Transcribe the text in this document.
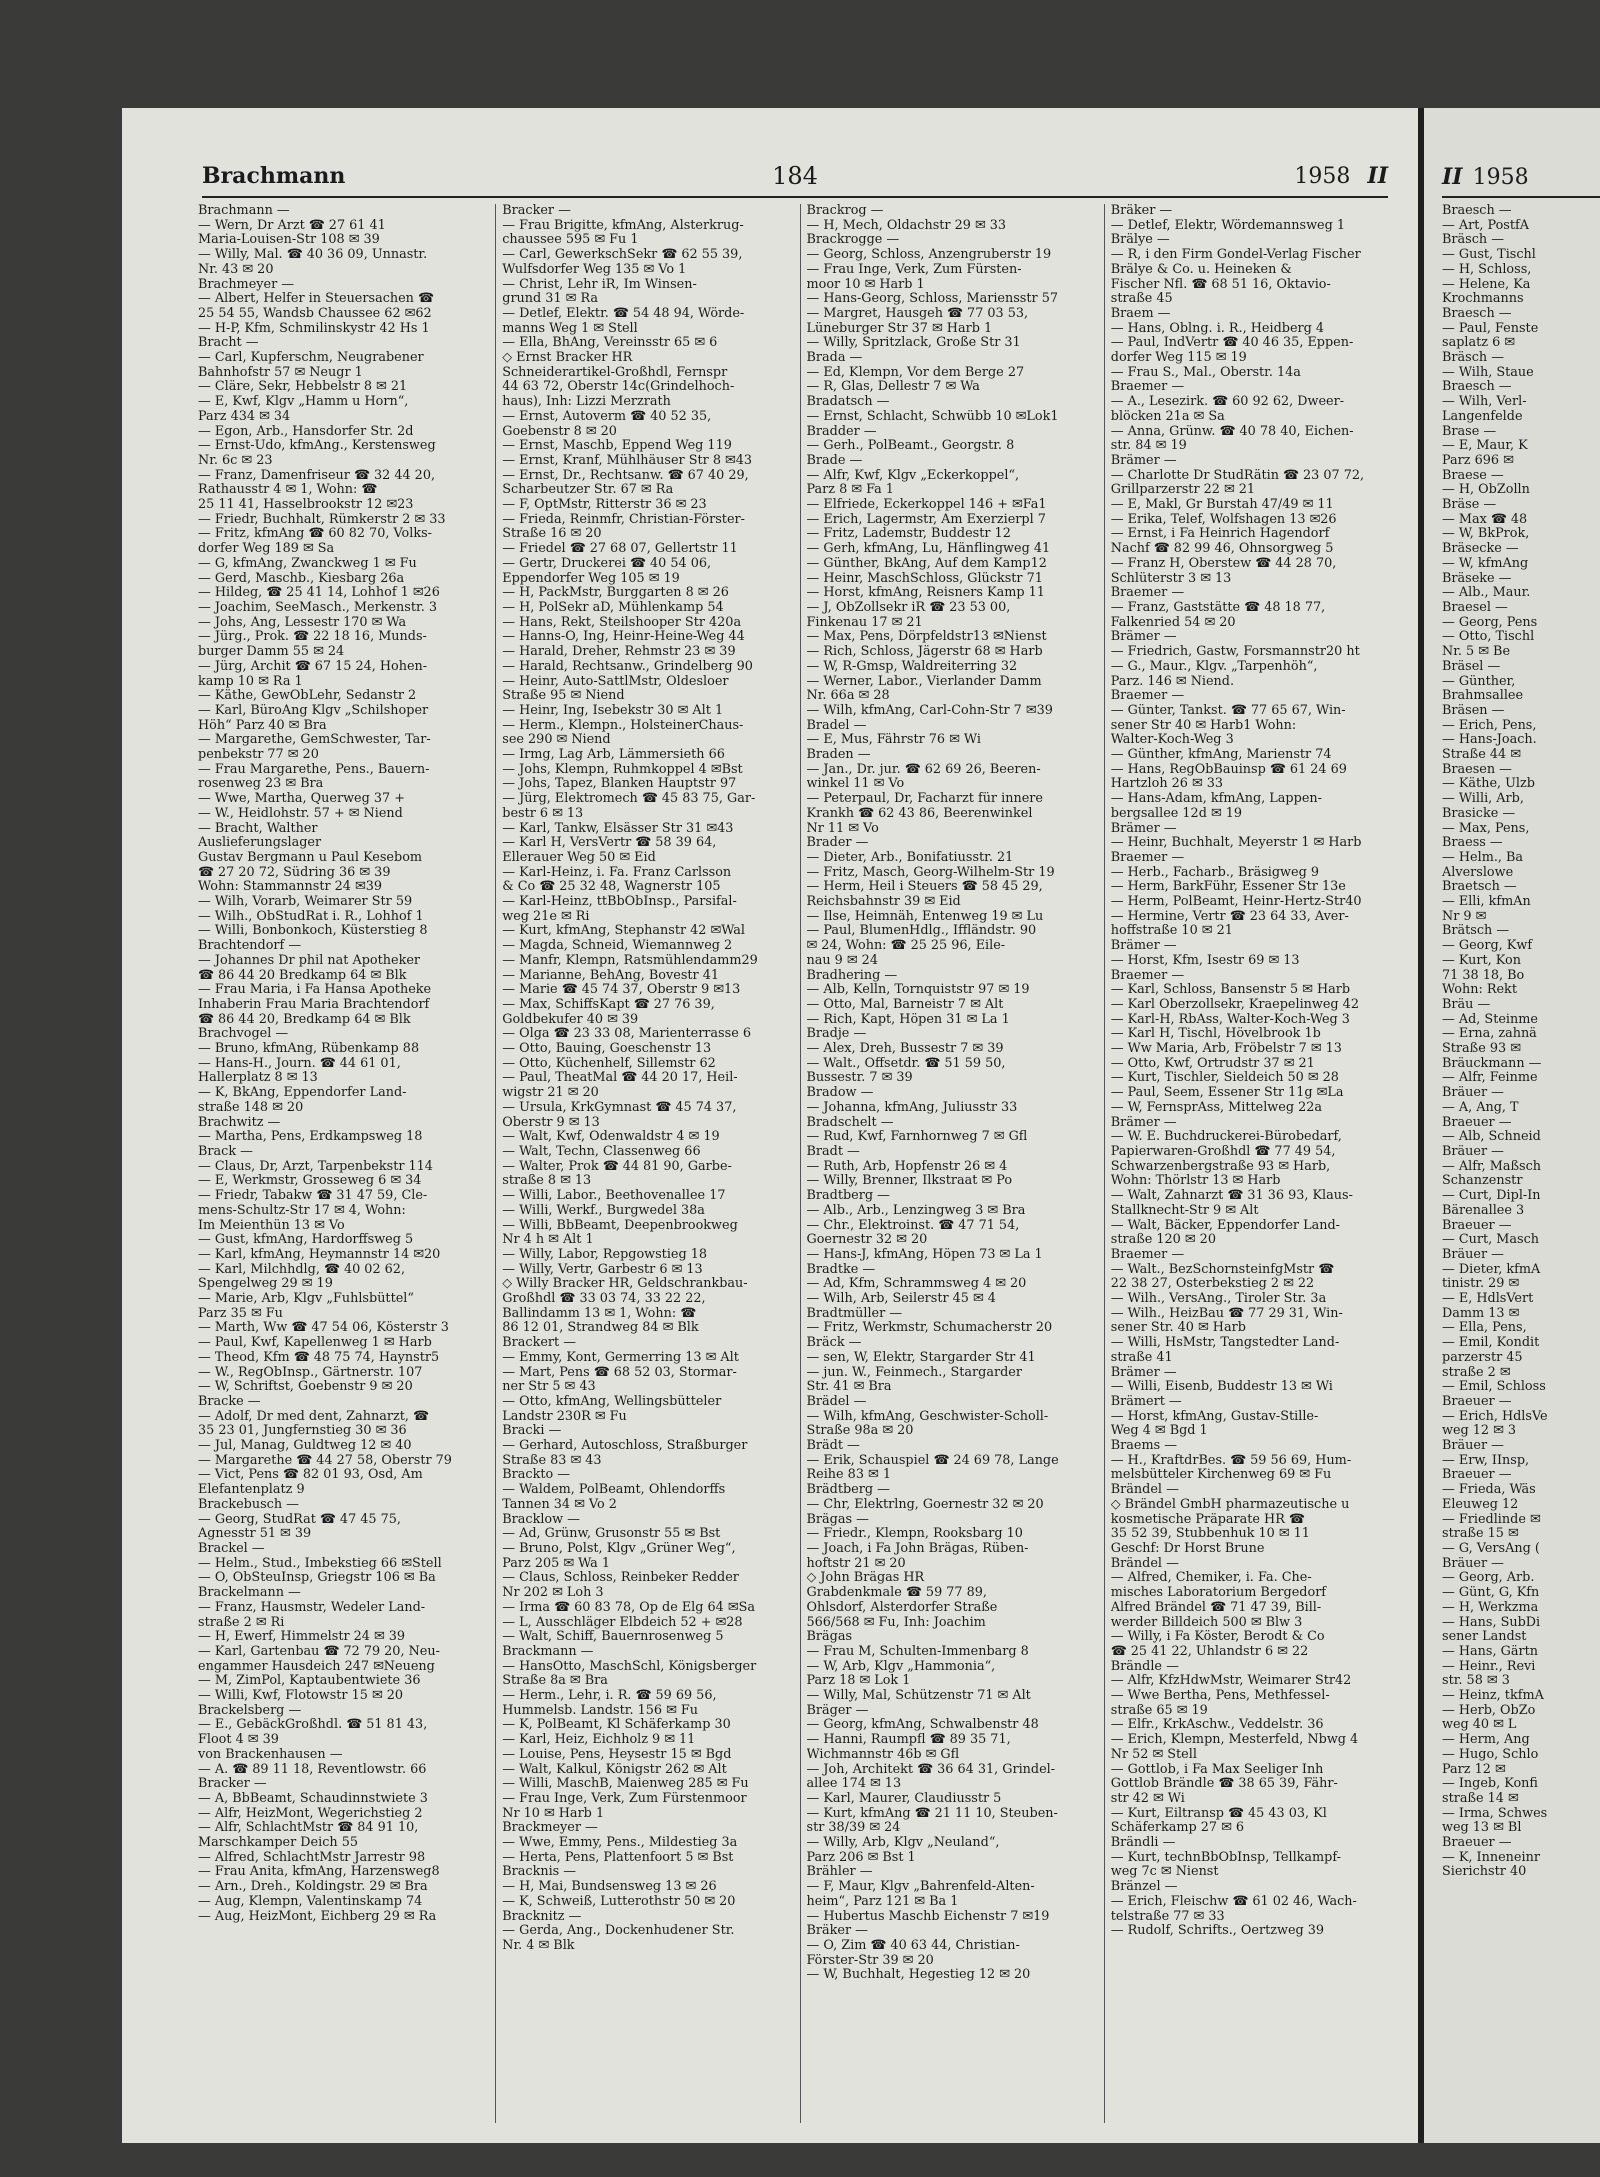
Brachmann	184	1958 II
Brachmann —
— Wern, Dr Arzt ☎ 27 61 41
Maria-Louisen-Str 108 ✉ 39
— Willy, Mal. ☎ 40 36 09, Unnastr.
Nr. 43 ✉ 20
Brachmeyer —
— Albert, Helfer in Steuersachen ☎
25 54 55, Wandsb Chaussee 62 ✉62
— H-P, Kfm, Schmilinskystr 42 Hs 1
Bracht —
— Carl, Kupferschm, Neugrabener
Bahnhofstr 57 ✉ Neugr 1
— Cläre, Sekr, Hebbelstr 8 ✉ 21
— E, Kwf, Klgv „Hamm u Horn“,
Parz 434 ✉ 34
— Egon, Arb., Hansdorfer Str. 2d
— Ernst-Udo, kfmAng., Kerstensweg
Nr. 6c ✉ 23
— Franz, Damenfriseur ☎ 32 44 20,
Rathausstr 4 ✉ 1, Wohn: ☎
25 11 41, Hasselbrookstr 12 ✉23
— Friedr, Buchhalt, Rümkerstr 2 ✉ 33
— Fritz, kfmAng ☎ 60 82 70, Volks-
dorfer Weg 189 ✉ Sa
— G, kfmAng, Zwanckweg 1 ✉ Fu
— Gerd, Maschb., Kiesbarg 26a
— Hildeg, ☎ 25 41 14, Lohhof 1 ✉26
— Joachim, SeeMasch., Merkenstr. 3
— Johs, Ang, Lessestr 170 ✉ Wa
— Jürg., Prok. ☎ 22 18 16, Munds-
burger Damm 55 ✉ 24
— Jürg, Archit ☎ 67 15 24, Hohen-
kamp 10 ✉ Ra 1
— Käthe, GewObLehr, Sedanstr 2
— Karl, BüroAng Klgv „Schilshoper
Höh“ Parz 40 ✉ Bra
— Margarethe, GemSchwester, Tar-
penbekstr 77 ✉ 20
— Frau Margarethe, Pens., Bauern-
rosenweg 23 ✉ Bra
— Wwe, Martha, Querweg 37 +
— W., Heidlohstr. 57 + ✉ Niend
— Bracht, Walther
Auslieferungslager
Gustav Bergmann u Paul Kesebom
☎ 27 20 72, Südring 36 ✉ 39
Wohn: Stammannstr 24 ✉39
— Wilh, Vorarb, Weimarer Str 59
— Wilh., ObStudRat i. R., Lohhof 1
— Willi, Bonbonkoch, Küsterstieg 8
Brachtendorf —
— Johannes Dr phil nat Apotheker
☎ 86 44 20 Bredkamp 64 ✉ Blk
— Frau Maria, i Fa Hansa Apotheke
Inhaberin Frau Maria Brachtendorf
☎ 86 44 20, Bredkamp 64 ✉ Blk
Brachvogel —
— Bruno, kfmAng, Rübenkamp 88
— Hans-H., Journ. ☎ 44 61 01,
Hallerplatz 8 ✉ 13
— K, BkAng, Eppendorfer Land-
straße 148 ✉ 20
Brachwitz —
— Martha, Pens, Erdkampsweg 18
Brack —
— Claus, Dr, Arzt, Tarpenbekstr 114
— E, Werkmstr, Grosseweg 6 ✉ 34
— Friedr, Tabakw ☎ 31 47 59, Cle-
mens-Schultz-Str 17 ✉ 4, Wohn:
Im Meienthün 13 ✉ Vo
— Gust, kfmAng, Hardorffsweg 5
— Karl, kfmAng, Heymannstr 14 ✉20
— Karl, Milchhdlg, ☎ 40 02 62,
Spengelweg 29 ✉ 19
— Marie, Arb, Klgv „Fuhlsbüttel“
Parz 35 ✉ Fu
— Marth, Ww ☎ 47 54 06, Kösterstr 3
— Paul, Kwf, Kapellenweg 1 ✉ Harb
— Theod, Kfm ☎ 48 75 74, Haynstr5
— W., RegObInsp., Gärtnerstr. 107
— W, Schriftst, Goebenstr 9 ✉ 20
Bracke —
— Adolf, Dr med dent, Zahnarzt, ☎
35 23 01, Jungfernstieg 30 ✉ 36
— Jul, Manag, Guldtweg 12 ✉ 40
— Margarethe ☎ 44 27 58, Oberstr 79
— Vict, Pens ☎ 82 01 93, Osd, Am
Elefantenplatz 9
Brackebusch —
— Georg, StudRat ☎ 47 45 75,
Agnesstr 51 ✉ 39
Brackel —
— Helm., Stud., Imbekstieg 66 ✉Stell
— O, ObSteuInsp, Griegstr 106 ✉ Ba
Brackelmann —
— Franz, Hausmstr, Wedeler Land-
straße 2 ✉ Ri
— H, Ewerf, Himmelstr 24 ✉ 39
— Karl, Gartenbau ☎ 72 79 20, Neu-
engammer Hausdeich 247 ✉Neueng
— M, ZimPol, Kaptaubentwiete 36
— Willi, Kwf, Flotowstr 15 ✉ 20
Brackelsberg —
— E., GebäckGroßhdl. ☎ 51 81 43,
Floot 4 ✉ 39
von Brackenhausen —
— A. ☎ 89 11 18, Reventlowstr. 66
Bracker —
— A, BbBeamt, Schaudinnstwiete 3
— Alfr, HeizMont, Wegerichstieg 2
— Alfr, SchlachtMstr ☎ 84 91 10,
Marschkamper Deich 55
— Alfred, SchlachtMstr Jarrestr 98
— Frau Anita, kfmAng, Harzensweg8
— Arn., Dreh., Koldingstr. 29 ✉ Bra
— Aug, Klempn, Valentinskamp 74
— Aug, HeizMont, Eichberg 29 ✉ Ra
Bracker —
— Frau Brigitte, kfmAng, Alsterkrug-
chaussee 595 ✉ Fu 1
— Carl, GewerkschSekr ☎ 62 55 39,
Wulfsdorfer Weg 135 ✉ Vo 1
— Christ, Lehr iR, Im Winsen-
grund 31 ✉ Ra
— Detlef, Elektr. ☎ 54 48 94, Wörde-
manns Weg 1 ✉ Stell
— Ella, BhAng, Vereinsstr 65 ✉ 6
◇ Ernst Bracker HR
Schneiderartikel-Großhdl, Fernspr
44 63 72, Oberstr 14c(Grindelhoch-
haus), Inh: Lizzi Merzrath
— Ernst, Autoverm ☎ 40 52 35,
Goebenstr 8 ✉ 20
— Ernst, Maschb, Eppend Weg 119
— Ernst, Kranf, Mühlhäuser Str 8 ✉43
— Ernst, Dr., Rechtsanw. ☎ 67 40 29,
Scharbeutzer Str. 67 ✉ Ra
— F, OptMstr, Ritterstr 36 ✉ 23
— Frieda, Reinmfr, Christian-Förster-
Straße 16 ✉ 20
— Friedel ☎ 27 68 07, Gellertstr 11
— Gertr, Druckerei ☎ 40 54 06,
Eppendorfer Weg 105 ✉ 19
— H, PackMstr, Burggarten 8 ✉ 26
— H, PolSekr aD, Mühlenkamp 54
— Hans, Rekt, Steilshooper Str 420a
— Hanns-O, Ing, Heinr-Heine-Weg 44
— Harald, Dreher, Rehmstr 23 ✉ 39
— Harald, Rechtsanw., Grindelberg 90
— Heinr, Auto-SattlMstr, Oldesloer
Straße 95 ✉ Niend
— Heinr, Ing, Isebekstr 30 ✉ Alt 1
— Herm., Klempn., HolsteinerChaus-
see 290 ✉ Niend
— Irmg, Lag Arb, Lämmersieth 66
— Johs, Klempn, Ruhmkoppel 4 ✉Bst
— Johs, Tapez, Blanken Hauptstr 97
— Jürg, Elektromech ☎ 45 83 75, Gar-
bestr 6 ✉ 13
— Karl, Tankw, Elsässer Str 31 ✉43
— Karl H, VersVertr ☎ 58 39 64,
Ellerauer Weg 50 ✉ Eid
— Karl-Heinz, i. Fa. Franz Carlsson
& Co ☎ 25 32 48, Wagnerstr 105
— Karl-Heinz, ttBbObInsp., Parsifal-
weg 21e ✉ Ri
— Kurt, kfmAng, Stephanstr 42 ✉Wal
— Magda, Schneid, Wiemannweg 2
— Manfr, Klempn, Ratsmühlendamm29
— Marianne, BehAng, Bovestr 41
— Marie ☎ 45 74 37, Oberstr 9 ✉13
— Max, SchiffsKapt ☎ 27 76 39,
Goldbekufer 40 ✉ 39
— Olga ☎ 23 33 08, Marienterrasse 6
— Otto, Bauing, Goeschenstr 13
— Otto, Küchenhelf, Sillemstr 62
— Paul, TheatMal ☎ 44 20 17, Heil-
wigstr 21 ✉ 20
— Ursula, KrkGymnast ☎ 45 74 37,
Oberstr 9 ✉ 13
— Walt, Kwf, Odenwaldstr 4 ✉ 19
— Walt, Techn, Classenweg 66
— Walter, Prok ☎ 44 81 90, Garbe-
straße 8 ✉ 13
— Willi, Labor., Beethovenallee 17
— Willi, Werkf., Burgwedel 38a
— Willi, BbBeamt, Deepenbrookweg
Nr 4 h ✉ Alt 1
— Willy, Labor, Repgowstieg 18
— Willy, Vertr, Garbestr 6 ✉ 13
◇ Willy Bracker HR, Geldschrankbau-
Großhdl ☎ 33 03 74, 33 22 22,
Ballindamm 13 ✉ 1, Wohn: ☎
86 12 01, Strandweg 84 ✉ Blk
Brackert —
— Emmy, Kont, Germerring 13 ✉ Alt
— Mart, Pens ☎ 68 52 03, Stormar-
ner Str 5 ✉ 43
— Otto, kfmAng, Wellingsbütteler
Landstr 230R ✉ Fu
Bracki —
— Gerhard, Autoschloss, Straßburger
Straße 83 ✉ 43
Brackto —
— Waldem, PolBeamt, Ohlendorffs
Tannen 34 ✉ Vo 2
Bracklow —
— Ad, Grünw, Grusonstr 55 ✉ Bst
— Bruno, Polst, Klgv „Grüner Weg“,
Parz 205 ✉ Wa 1
— Claus, Schloss, Reinbeker Redder
Nr 202 ✉ Loh 3
— Irma ☎ 60 83 78, Op de Elg 64 ✉Sa
— L, Ausschläger Elbdeich 52 + ✉28
— Walt, Schiff, Bauernrosenweg 5
Brackmann —
— HansOtto, MaschSchl, Königsberger
Straße 8a ✉ Bra
— Herm., Lehr, i. R. ☎ 59 69 56,
Hummelsb. Landstr. 156 ✉ Fu
— K, PolBeamt, Kl Schäferkamp 30
— Karl, Heiz, Eichholz 9 ✉ 11
— Louise, Pens, Heysestr 15 ✉ Bgd
— Walt, Kalkul, Königstr 262 ✉ Alt
— Willi, MaschB, Maienweg 285 ✉ Fu
— Frau Inge, Verk, Zum Fürstenmoor
Nr 10 ✉ Harb 1
Brackmeyer —
— Wwe, Emmy, Pens., Mildestieg 3a
— Herta, Pens, Plattenfoort 5 ✉ Bst
Bracknis —
— H, Mai, Bundsensweg 13 ✉ 26
— K, Schweiß, Lutterothstr 50 ✉ 20
Bracknitz —
— Gerda, Ang., Dockenhudener Str.
Nr. 4 ✉ Blk
Brackrog —
— H, Mech, Oldachstr 29 ✉ 33
Brackrogge —
— Georg, Schloss, Anzengruberstr 19
— Frau Inge, Verk, Zum Fürsten-
moor 10 ✉ Harb 1
— Hans-Georg, Schloss, Mariensstr 57
— Margret, Hausgeh ☎ 77 03 53,
Lüneburger Str 37 ✉ Harb 1
— Willy, Spritzlack, Große Str 31
Brada —
— Ed, Klempn, Vor dem Berge 27
— R, Glas, Dellestr 7 ✉ Wa
Bradatsch —
— Ernst, Schlacht, Schwübb 10 ✉Lok1
Bradder —
— Gerh., PolBeamt., Georgstr. 8
Brade —
— Alfr, Kwf, Klgv „Eckerkoppel“,
Parz 8 ✉ Fa 1
— Elfriede, Eckerkoppel 146 + ✉Fa1
— Erich, Lagermstr, Am Exerzierpl 7
— Fritz, Lademstr, Buddestr 12
— Gerh, kfmAng, Lu, Hänflingweg 41
— Günther, BkAng, Auf dem Kamp12
— Heinr, MaschSchloss, Glückstr 71
— Horst, kfmAng, Reisners Kamp 11
— J, ObZollsekr iR ☎ 23 53 00,
Finkenau 17 ✉ 21
— Max, Pens, Dörpfeldstr13 ✉Nienst
— Rich, Schloss, Jägerstr 68 ✉ Harb
— W, R-Gmsp, Waldreiterring 32
— Werner, Labor., Vierlander Damm
Nr. 66a ✉ 28
— Wilh, kfmAng, Carl-Cohn-Str 7 ✉39
Bradel —
— E, Mus, Fährstr 76 ✉ Wi
Braden —
— Jan., Dr. jur. ☎ 62 69 26, Beeren-
winkel 11 ✉ Vo
— Peterpaul, Dr, Facharzt für innere
Krankh ☎ 62 43 86, Beerenwinkel
Nr 11 ✉ Vo
Brader —
— Dieter, Arb., Bonifatiusstr. 21
— Fritz, Masch, Georg-Wilhelm-Str 19
— Herm, Heil i Steuers ☎ 58 45 29,
Reichsbahnstr 39 ✉ Eid
— Ilse, Heimnäh, Entenweg 19 ✉ Lu
— Paul, BlumenHdlg., Iffländstr. 90
✉ 24, Wohn: ☎ 25 25 96, Eile-
nau 9 ✉ 24
Bradhering —
— Alb, Kelln, Tornquiststr 97 ✉ 19
— Otto, Mal, Barneistr 7 ✉ Alt
— Rich, Kapt, Höpen 31 ✉ La 1
Bradje —
— Alex, Dreh, Bussestr 7 ✉ 39
— Walt., Offsetdr. ☎ 51 59 50,
Bussestr. 7 ✉ 39
Bradow —
— Johanna, kfmAng, Juliusstr 33
Bradschelt —
— Rud, Kwf, Farnhornweg 7 ✉ Gfl
Bradt —
— Ruth, Arb, Hopfenstr 26 ✉ 4
— Willy, Brenner, Ilkstraat ✉ Po
Bradtberg —
— Alb., Arb., Lenzingweg 3 ✉ Bra
— Chr., Elektroinst. ☎ 47 71 54,
Goernestr 32 ✉ 20
— Hans-J, kfmAng, Höpen 73 ✉ La 1
Bradtke —
— Ad, Kfm, Schrammsweg 4 ✉ 20
— Wilh, Arb, Seilerstr 45 ✉ 4
Bradtmüller —
— Fritz, Werkmstr, Schumacherstr 20
Bräck —
— sen, W, Elektr, Stargarder Str 41
— jun. W., Feinmech., Stargarder
Str. 41 ✉ Bra
Brädel —
— Wilh, kfmAng, Geschwister-Scholl-
Straße 98a ✉ 20
Brädt —
— Erik, Schauspiel ☎ 24 69 78, Lange
Reihe 83 ✉ 1
Brädtberg —
— Chr, Elektrlng, Goernestr 32 ✉ 20
Brägas —
— Friedr., Klempn, Rooksbarg 10
— Joach, i Fa John Brägas, Rüben-
hoftstr 21 ✉ 20
◇ John Brägas HR
Grabdenkmale ☎ 59 77 89,
Ohlsdorf, Alsterdorfer Straße
566/568 ✉ Fu, Inh: Joachim
Brägas
— Frau M, Schulten-Immenbarg 8
— W, Arb, Klgv „Hammonia“,
Parz 18 ✉ Lok 1
— Willy, Mal, Schützenstr 71 ✉ Alt
Bräger —
— Georg, kfmAng, Schwalbenstr 48
— Hanni, Raumpfl ☎ 89 35 71,
Wichmannstr 46b ✉ Gfl
— Joh, Architekt ☎ 36 64 31, Grindel-
allee 174 ✉ 13
— Karl, Maurer, Claudiusstr 5
— Kurt, kfmAng ☎ 21 11 10, Steuben-
str 38/39 ✉ 24
— Willy, Arb, Klgv „Neuland“,
Parz 206 ✉ Bst 1
Brähler —
— F, Maur, Klgv „Bahrenfeld-Alten-
heim“, Parz 121 ✉ Ba 1
— Hubertus Maschb Eichenstr 7 ✉19
Bräker —
— O, Zim ☎ 40 63 44, Christian-
Förster-Str 39 ✉ 20
— W, Buchhalt, Hegestieg 12 ✉ 20
Bräker —
— Detlef, Elektr, Wördemannsweg 1
Brälye —
— R, i den Firm Gondel-Verlag Fischer
Brälye & Co. u. Heineken &
Fischer Nfl. ☎ 68 51 16, Oktavio-
straße 45
Braem —
— Hans, Oblng. i. R., Heidberg 4
— Paul, IndVertr ☎ 40 46 35, Eppen-
dorfer Weg 115 ✉ 19
— Frau S., Mal., Oberstr. 14a
Braemer —
— A., Lesezirk. ☎ 60 92 62, Dweer-
blöcken 21a ✉ Sa
— Anna, Grünw. ☎ 40 78 40, Eichen-
str. 84 ✉ 19
Brämer —
— Charlotte Dr StudRätin ☎ 23 07 72,
Grillparzerstr 22 ✉ 21
— E, Makl, Gr Burstah 47/49 ✉ 11
— Erika, Telef, Wolfshagen 13 ✉26
— Ernst, i Fa Heinrich Hagendorf
Nachf ☎ 82 99 46, Ohnsorgweg 5
— Franz H, Oberstew ☎ 44 28 70,
Schlüterstr 3 ✉ 13
Braemer —
— Franz, Gaststätte ☎ 48 18 77,
Falkenried 54 ✉ 20
Brämer —
— Friedrich, Gastw, Forsmannstr20 ht
— G., Maur., Klgv. „Tarpenhöh“,
Parz. 146 ✉ Niend.
Braemer —
— Günter, Tankst. ☎ 77 65 67, Win-
sener Str 40 ✉ Harb1 Wohn:
Walter-Koch-Weg 3
— Günther, kfmAng, Marienstr 74
— Hans, RegObBauinsp ☎ 61 24 69
Hartzloh 26 ✉ 33
— Hans-Adam, kfmAng, Lappen-
bergsallee 12d ✉ 19
Brämer —
— Heinr, Buchhalt, Meyerstr 1 ✉ Harb
Braemer —
— Herb., Facharb., Bräsigweg 9
— Herm, BarkFühr, Essener Str 13e
— Herm, PolBeamt, Heinr-Hertz-Str40
— Hermine, Vertr ☎ 23 64 33, Aver-
hoffstraße 10 ✉ 21
Brämer —
— Horst, Kfm, Isestr 69 ✉ 13
Braemer —
— Karl, Schloss, Bansenstr 5 ✉ Harb
— Karl Oberzollsekr, Kraepelinweg 42
— Karl-H, RbAss, Walter-Koch-Weg 3
— Karl H, Tischl, Hövelbrook 1b
— Ww Maria, Arb, Fröbelstr 7 ✉ 13
— Otto, Kwf, Ortrudstr 37 ✉ 21
— Kurt, Tischler, Sieldeich 50 ✉ 28
— Paul, Seem, Essener Str 11g ✉La
— W, FernsprAss, Mittelweg 22a
Brämer —
— W. E. Buchdruckerei-Bürobedarf,
Papierwaren-Großhdl ☎ 77 49 54,
Schwarzenbergstraße 93 ✉ Harb,
Wohn: Thörlstr 13 ✉ Harb
— Walt, Zahnarzt ☎ 31 36 93, Klaus-
Stallknecht-Str 9 ✉ Alt
— Walt, Bäcker, Eppendorfer Land-
straße 120 ✉ 20
Braemer —
— Walt., BezSchornsteinfgMstr ☎
22 38 27, Osterbekstieg 2 ✉ 22
— Wilh., VersAng., Tiroler Str. 3a
— Wilh., HeizBau ☎ 77 29 31, Win-
sener Str. 40 ✉ Harb
— Willi, HsMstr, Tangstedter Land-
straße 41
Brämer —
— Willi, Eisenb, Buddestr 13 ✉ Wi
Brämert —
— Horst, kfmAng, Gustav-Stille-
Weg 4 ✉ Bgd 1
Braems —
— H., KraftdrBes. ☎ 59 56 69, Hum-
melsbütteler Kirchenweg 69 ✉ Fu
Brändel —
◇ Brändel GmbH pharmazeutische u
kosmetische Präparate HR ☎
35 52 39, Stubbenhuk 10 ✉ 11
Geschf: Dr Horst Brune
Brändel —
— Alfred, Chemiker, i. Fa. Che-
misches Laboratorium Bergedorf
Alfred Brändel ☎ 71 47 39, Bill-
werder Billdeich 500 ✉ Blw 3
— Willy, i Fa Köster, Berodt & Co
☎ 25 41 22, Uhlandstr 6 ✉ 22
Brändle —
— Alfr, KfzHdwMstr, Weimarer Str42
— Wwe Bertha, Pens, Methfessel-
straße 65 ✉ 19
— Elfr., KrkAschw., Veddelstr. 36
— Erich, Klempn, Mesterfeld, Nbwg 4
Nr 52 ✉ Stell
— Gottlob, i Fa Max Seeliger Inh
Gottlob Brändle ☎ 38 65 39, Fähr-
str 42 ✉ Wi
— Kurt, Eiltransp ☎ 45 43 03, Kl
Schäferkamp 27 ✉ 6
Brändli —
— Kurt, technBbObInsp, Tellkampf-
weg 7c ✉ Nienst
Bränzel —
— Erich, Fleischw ☎ 61 02 46, Wach-
telstraße 77 ✉ 33
— Rudolf, Schrifts., Oertzweg 39
II 1958
Braesch —
— Art, PostfA
Bräsch —
— Gust, Tischl
— H, Schloss,
— Helene, Ka
Krochmanns
Braesch —
— Paul, Fenste
saplatz 6 ✉
Bräsch —
— Wilh, Staue
Braesch —
— Wilh, Verl-
Langenfelde
Brase —
— E, Maur, K
Parz 696 ✉
Braese —
— H, ObZolln
Bräse —
— Max ☎ 48
— W, BkProk,
Bräsecke —
— W, kfmAng
Bräseke —
— Alb., Maur.
Braesel —
— Georg, Pens
— Otto, Tischl
Nr. 5 ✉ Be
Bräsel —
— Günther,
Brahmsallee
Bräsen —
— Erich, Pens,
— Hans-Joach.
Straße 44 ✉
Braesen —
— Käthe, Ulzb
— Willi, Arb,
Brasicke —
— Max, Pens,
Braess —
— Helm., Ba
Alverslowe
Braetsch —
— Elli, kfmAn
Nr 9 ✉
Brätsch —
— Georg, Kwf
— Kurt, Kon
71 38 18, Bo
Wohn: Rekt
Bräu —
— Ad, Steinme
— Erna, zahnä
Straße 93 ✉
Bräuckmann —
— Alfr, Feinme
Bräuer —
— A, Ang, T
Braeuer —
— Alb, Schneid
Bräuer —
— Alfr, Maßsch
Schanzenstr
— Curt, Dipl-In
Bärenallee 3
Braeuer —
— Curt, Masch
Bräuer —
— Dieter, kfmA
tinistr. 29 ✉
— E, HdlsVert
Damm 13 ✉
— Ella, Pens,
— Emil, Kondit
parzerstr 45
straße 2 ✉
— Emil, Schloss
Braeuer —
— Erich, HdlsVe
weg 12 ✉ 3
Bräuer —
— Erw, IInsp,
Braeuer —
— Frieda, Wäs
Eleuweg 12
— Friedlinde ✉
straße 15 ✉
— G, VersAng (
Bräuer —
— Georg, Arb.
— Günt, G, Kfn
— H, Werkzma
— Hans, SubDi
sener Landst
— Hans, Gärtn
— Heinr., Revi
str. 58 ✉ 3
— Heinz, tkfmA
— Herb, ObZo
weg 40 ✉ L
— Herm, Ang
— Hugo, Schlo
Parz 12 ✉
— Ingeb, Konfi
straße 14 ✉
— Irma, Schwes
weg 13 ✉ Bl
Braeuer —
— K, Inneneinr
Sierichstr 40
